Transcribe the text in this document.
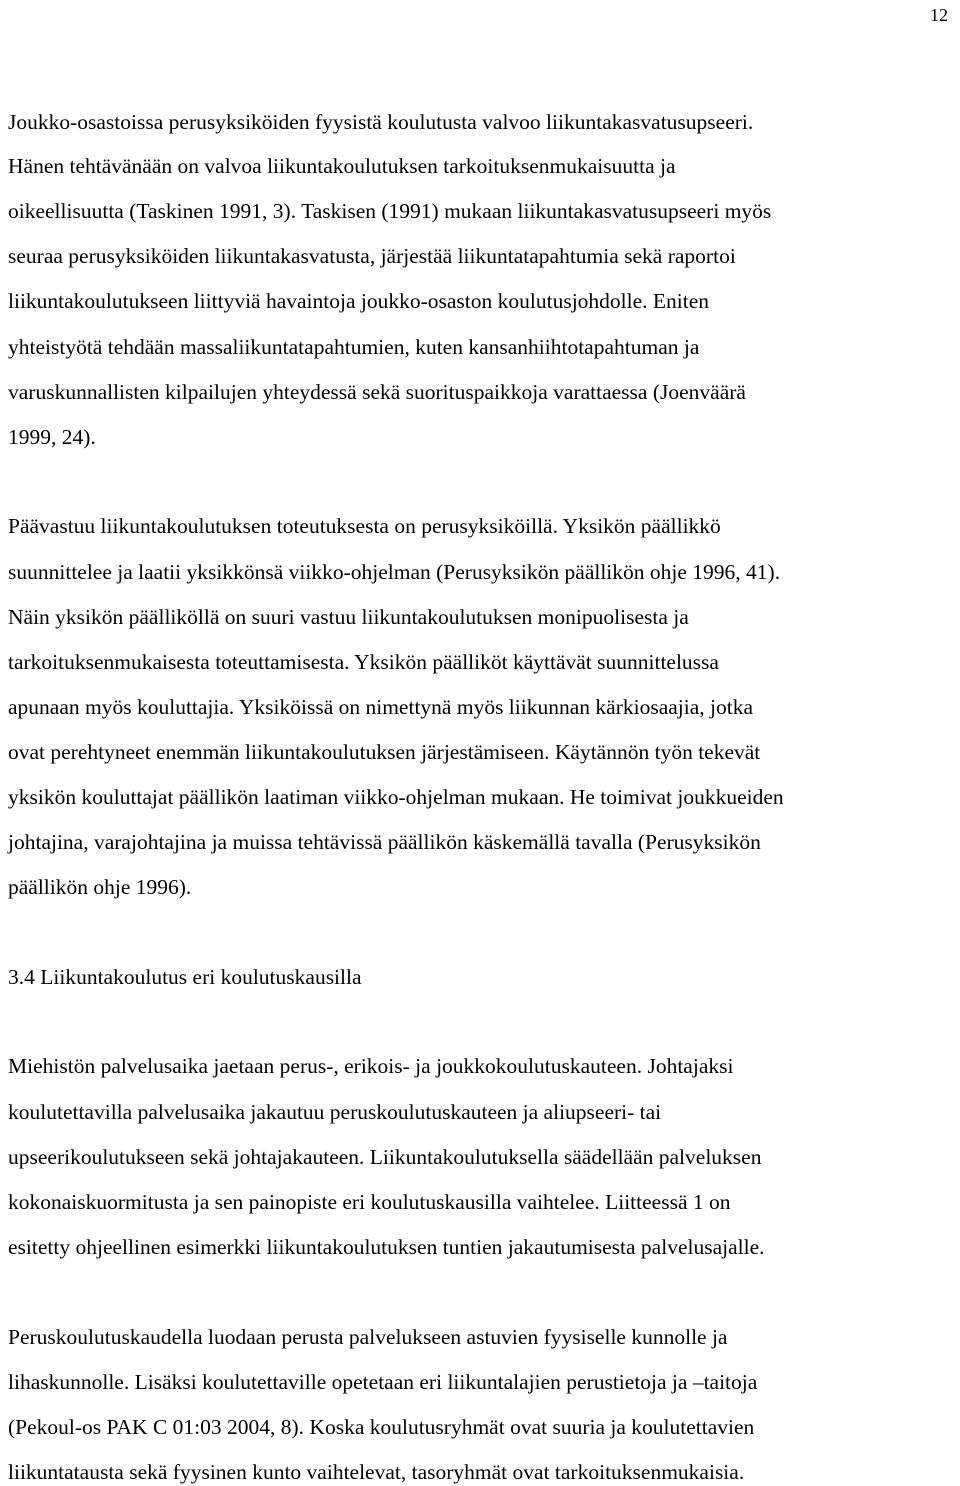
12
Joukko-osastoissa perusyksiköiden fyysistä koulutusta valvoo liikuntakasvatusupseeri.
Hänen tehtävänään on valvoa liikuntakoulutuksen tarkoituksenmukaisuutta ja
oikeellisuutta (Taskinen 1991, 3). Taskisen (1991) mukaan liikuntakasvatusupseeri myös
seuraa perusyksiköiden liikuntakasvatusta, järjestää liikuntatapahtumia sekä raportoi
liikuntakoulutukseen liittyviä havaintoja joukko-osaston koulutusjohdolle. Eniten
yhteistyötä tehdään massaliikuntatapahtumien, kuten kansanhiihtotapahtuman ja
varuskunnallisten kilpailujen yhteydessä sekä suorituspaikkoja varattaessa (Joenväärä
1999, 24).
Päävastuu liikuntakoulutuksen toteutuksesta on perusyksiköillä. Yksikön päällikkö
suunnittelee ja laatii yksikkönsä viikko-ohjelman (Perusyksikön päällikön ohje 1996, 41).
Näin yksikön päälliköllä on suuri vastuu liikuntakoulutuksen monipuolisesta ja
tarkoituksenmukaisesta toteuttamisesta. Yksikön päälliköt käyttävät suunnittelussa
apunaan myös kouluttajia. Yksiköissä on nimettynä myös liikunnan kärkiosaajia, jotka
ovat perehtyneet enemmän liikuntakoulutuksen järjestämiseen. Käytännön työn tekevät
yksikön kouluttajat päällikön laatiman viikko-ohjelman mukaan. He toimivat joukkueiden
johtajina, varajohtajina ja muissa tehtävissä päällikön käskemällä tavalla (Perusyksikön
päällikön ohje 1996).
3.4 Liikuntakoulutus eri koulutuskausilla
Miehistön palvelusaika jaetaan perus-, erikois- ja joukkokoulutuskauteen. Johtajaksi
koulutettavilla palvelusaika jakautuu peruskoulutuskauteen ja aliupseeri- tai
upseerikoulutukseen sekä johtajakauteen. Liikuntakoulutuksella säädellään palveluksen
kokonaiskuormitusta ja sen painopiste eri koulutuskausilla vaihtelee. Liitteessä 1 on
esitetty ohjeellinen esimerkki liikuntakoulutuksen tuntien jakautumisesta palvelusajalle.
Peruskoulutuskaudella luodaan perusta palvelukseen astuvien fyysiselle kunnolle ja
lihaskunnolle. Lisäksi koulutettaville opetetaan eri liikuntalajien perustietoja ja –taitoja
(Pekoul-os PAK C 01:03 2004, 8). Koska koulutusryhmät ovat suuria ja koulutettavien
liikuntataustа sekä fyysinen kunto vaihtelevat, tasoryhmät ovat tarkoituksenmukaisia.
